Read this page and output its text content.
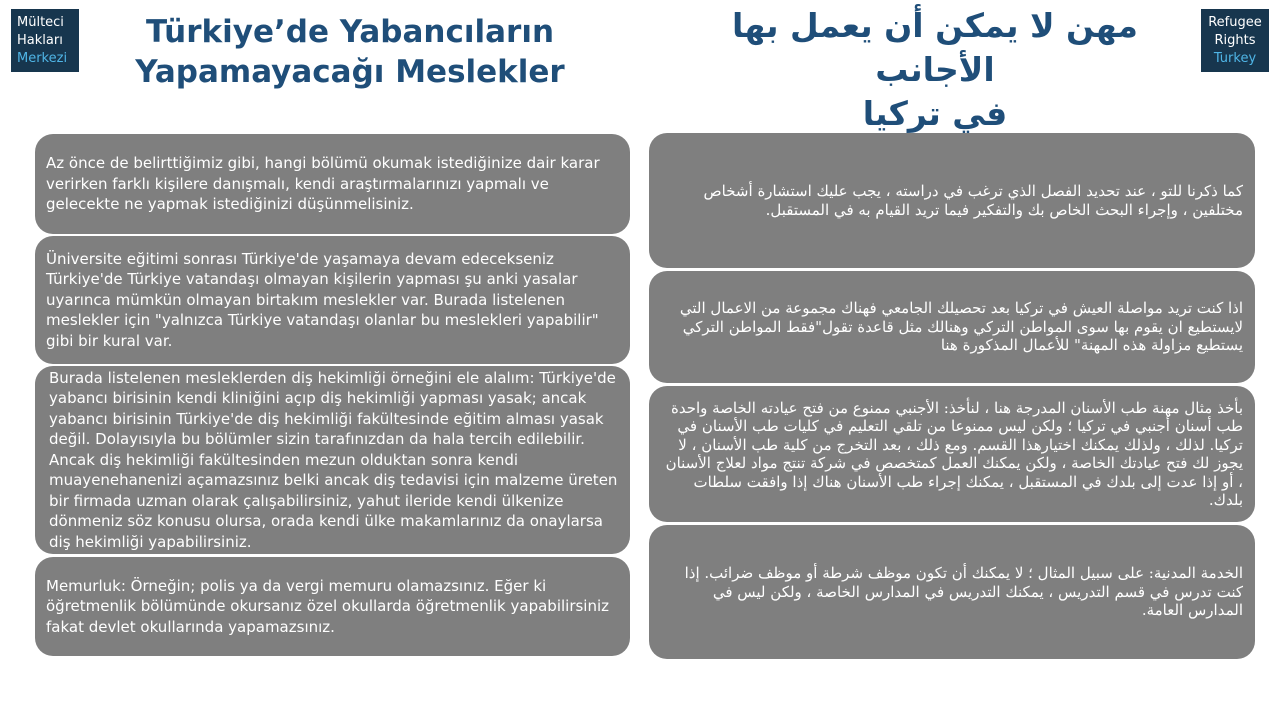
Mülteci
Hakları
Merkezi
Refugee
Rights
Turkey
Türkiye’de Yabancıların
Yapamayacağı Meslekler
مهن لا يمكن أن يعمل بها الأجانب
في تركيا

Az önce de belirttiğimiz gibi, hangi bölümü okumak istediğinize dair karar verirken farklı kişilere danışmalı, kendi araştırmalarınızı yapmalı ve gelecekte ne yapmak istediğinizi düşünmelisiniz.

Üniversite eğitimi sonrası Türkiye'de yaşamaya devam edecekseniz Türkiye'de Türkiye vatandaşı olmayan kişilerin yapması şu anki yasalar uyarınca mümkün olmayan birtakım meslekler var. Burada listelenen meslekler için "yalnızca Türkiye vatandaşı olanlar bu meslekleri yapabilir" gibi bir kural var.

Burada listelenen mesleklerden diş hekimliği örneğini ele alalım: Türkiye'de yabancı birisinin kendi kliniğini açıp diş hekimliği yapması yasak; ancak yabancı birisinin Türkiye'de diş hekimliği fakültesinde eğitim alması yasak değil. Dolayısıyla bu bölümler sizin tarafınızdan da hala tercih edilebilir. Ancak diş hekimliği fakültesinden mezun olduktan sonra kendi muayenehanenizi açamazsınız belki ancak diş tedavisi için malzeme üreten bir firmada uzman olarak çalışabilirsiniz, yahut ileride kendi ülkenize dönmeniz söz konusu olursa, orada kendi ülke makamlarınız da onaylarsa diş hekimliği yapabilirsiniz.

Memurluk: Örneğin; polis ya da vergi memuru olamazsınız. Eğer ki öğretmenlik bölümünde okursanız özel okullarda öğretmenlik yapabilirsiniz fakat devlet okullarında yapamazsınız.

كما ذكرنا للتو ، عند تحديد الفصل الذي ترغب في دراسته ، يجب عليك استشارة أشخاص مختلفين ، وإجراء البحث الخاص بك والتفكير فيما تريد القيام به في المستقبل.

اذا كنت تريد مواصلة العيش في تركيا بعد تحصيلك الجامعي فهناك مجموعة من الاعمال التي لايستطيع ان يقوم بها سوى المواطن التركي وهنالك مثل قاعدة تقول"فقط المواطن التركي يستطيع مزاولة هذه المهنة" للأعمال المذكورة هنا

بأخذ مثال مهنة طب الأسنان المدرجة هنا ، لنأخذ: الأجنبي ممنوع من فتح عيادته الخاصة واحدة طب أسنان أجنبي في تركيا ؛ ولكن ليس ممنوعا من تلقي التعليم في كليات طب الأسنان في تركيا. لذلك ، ولذلك يمكنك اختيارهذا القسم. ومع ذلك ، بعد التخرج من كلية طب الأسنان ، لا يجوز لك فتح عيادتك الخاصة ، ولكن يمكنك العمل كمتخصص في شركة تنتج مواد لعلاج الأسنان ، أو إذا عدت إلى بلدك في المستقبل ، يمكنك إجراء طب الأسنان هناك إذا وافقت سلطات بلدك.

الخدمة المدنية: على سبيل المثال ؛ لا يمكنك أن تكون موظف شرطة أو موظف ضرائب. إذا كنت تدرس في قسم التدريس ، يمكنك التدريس في المدارس الخاصة ، ولكن ليس في المدارس العامة.
